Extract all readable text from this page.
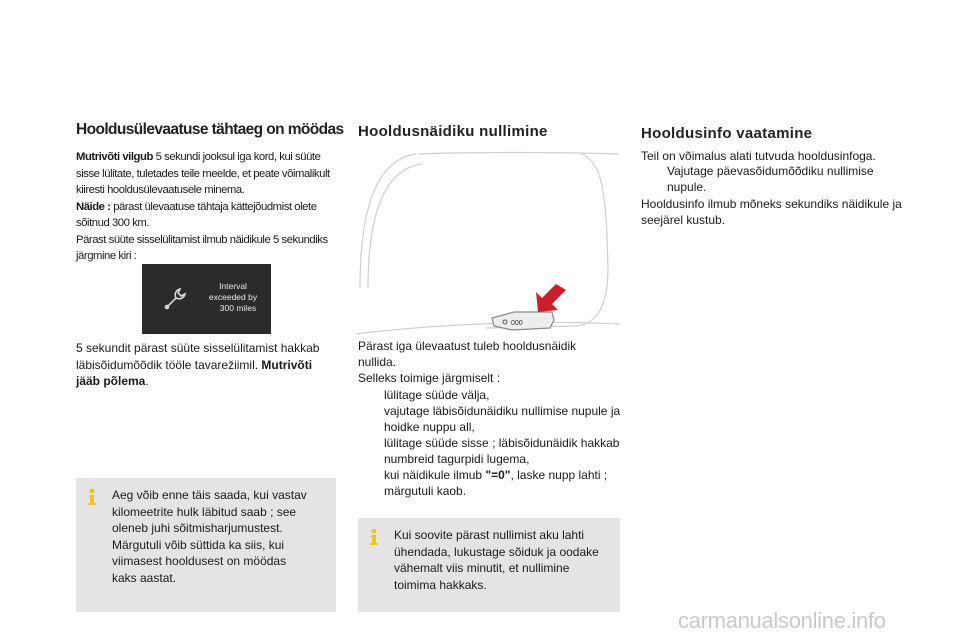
Hooldusülevaatuse tähtaeg on möödas
Mutrivõti vilgub 5 sekundi jooksul iga kord, kui süüte sisse lülitate, tuletades teile meelde, et peate võimalikult kiiresti hooldusülevaatusele minema.
Näide : pärast ülevaatuse tähtaja kättejõudmist olete sõitnud 300 km.
Pärast süüte sisselülitamist ilmub näidikule 5 sekundiks järgmine kiri :
Interval
exceeded by
300 miles
5 sekundit pärast süüte sisselülitamist hakkab läbisõidumõõdik tööle tavarežiimil. Mutrivõti jääb põlema.
Aeg võib enne täis saada, kui vastav kilomeetrite hulk läbitud saab ; see oleneb juhi sõitmisharjumustest. Märgutuli võib süttida ka siis, kui viimasest hooldusest on möödas kaks aastat.
Hooldusnäidiku nullimine
000
Pärast iga ülevaatust tuleb hooldusnäidik nullida.
Selleks toimige järgmiselt :
lülitage süüde välja,
vajutage läbisõidunäidiku nullimise nupule ja hoidke nuppu all,
lülitage süüde sisse ; läbisõidunäidik hakkab numbreid tagurpidi lugema,
kui näidikule ilmub "=0", laske nupp lahti ; märgutuli kaob.
Kui soovite pärast nullimist aku lahti ühendada, lukustage sõiduk ja oodake vähemalt viis minutit, et nullimine toimima hakkaks.
Hooldusinfo vaatamine
Teil on võimalus alati tutvuda hooldusinfoga.
Vajutage päevasõidumõõdiku nullimise nupule.
Hooldusinfo ilmub mõneks sekundiks näidikule ja seejärel kustub.
carmanualsonline.info
